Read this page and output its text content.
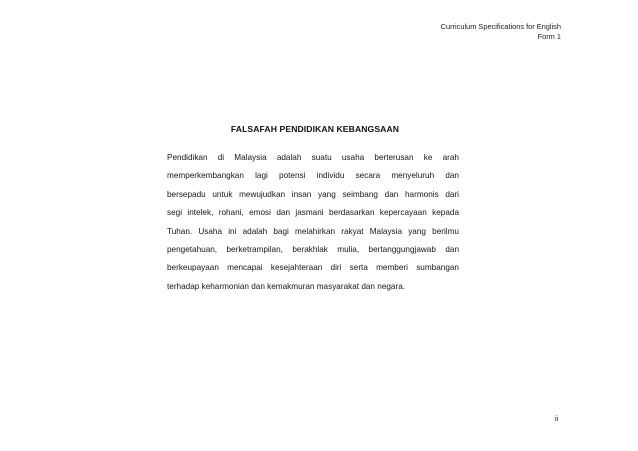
Curriculum Specifications for English
Form 1
FALSAFAH PENDIDIKAN KEBANGSAAN
Pendidikan di Malaysia adalah suatu usaha berterusan ke arah
memperkembangkan lagi potensi individu secara menyeluruh dan
bersepadu untuk mewujudkan insan yang seimbang dan harmonis dari
segi intelek, rohani, emosi dan jasmani berdasarkan kepercayaan kepada
Tuhan. Usaha ini adalah bagi melahirkan rakyat Malaysia yang berilmu
pengetahuan, berketrampilan, berakhlak mulia, bertanggungjawab dan
berkeupayaan mencapai kesejahteraan diri serta memberi sumbangan
terhadap keharmonian dan kemakmuran masyarakat dan negara.
ii
